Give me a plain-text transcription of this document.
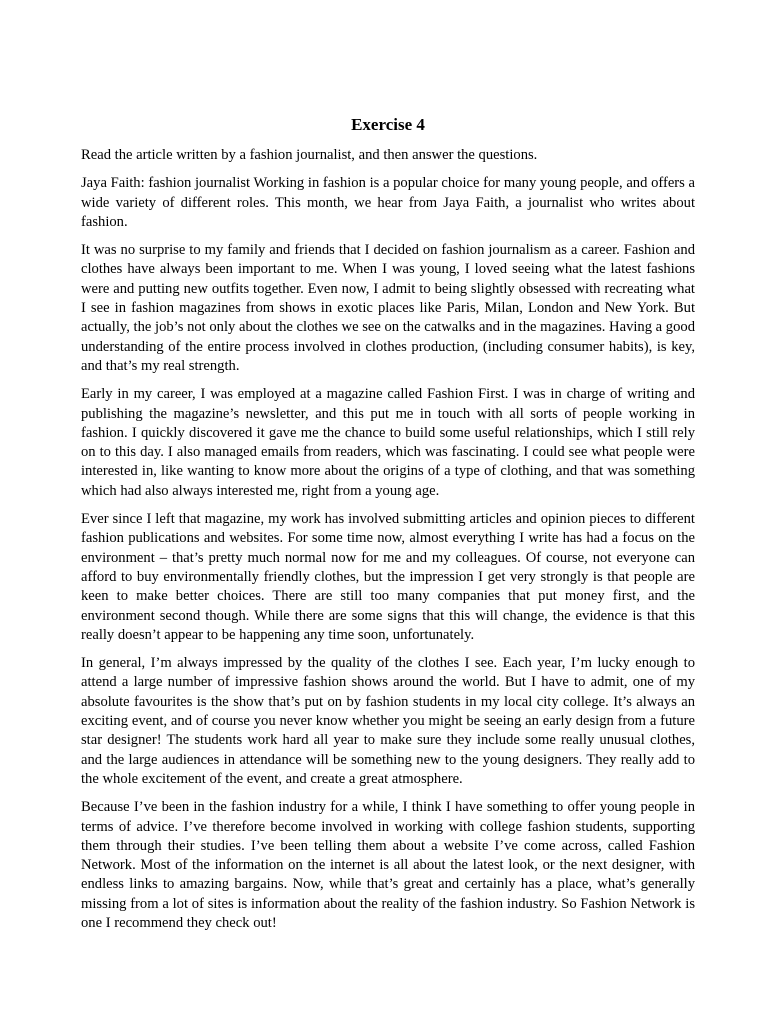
Exercise 4

Read the article written by a fashion journalist, and then answer the questions.

Jaya Faith: fashion journalist Working in fashion is a popular choice for many young people, and offers a wide variety of different roles. This month, we hear from Jaya Faith, a journalist who writes about fashion.

It was no surprise to my family and friends that I decided on fashion journalism as a career. Fashion and clothes have always been important to me. When I was young, I loved seeing what the latest fashions were and putting new outfits together. Even now, I admit to being slightly obsessed with recreating what I see in fashion magazines from shows in exotic places like Paris, Milan, London and New York. But actually, the job’s not only about the clothes we see on the catwalks and in the magazines. Having a good understanding of the entire process involved in clothes production, (including consumer habits), is key, and that’s my real strength.

Early in my career, I was employed at a magazine called Fashion First. I was in charge of writing and publishing the magazine’s newsletter, and this put me in touch with all sorts of people working in fashion. I quickly discovered it gave me the chance to build some useful relationships, which I still rely on to this day. I also managed emails from readers, which was fascinating. I could see what people were interested in, like wanting to know more about the origins of a type of clothing, and that was something which had also always interested me, right from a young age.

Ever since I left that magazine, my work has involved submitting articles and opinion pieces to different fashion publications and websites. For some time now, almost everything I write has had a focus on the environment – that’s pretty much normal now for me and my colleagues. Of course, not everyone can afford to buy environmentally friendly clothes, but the impression I get very strongly is that people are keen to make better choices. There are still too many companies that put money first, and the environment second though. While there are some signs that this will change, the evidence is that this really doesn’t appear to be happening any time soon, unfortunately.

In general, I’m always impressed by the quality of the clothes I see. Each year, I’m lucky enough to attend a large number of impressive fashion shows around the world. But I have to admit, one of my absolute favourites is the show that’s put on by fashion students in my local city college. It’s always an exciting event, and of course you never know whether you might be seeing an early design from a future star designer! The students work hard all year to make sure they include some really unusual clothes, and the large audiences in attendance will be something new to the young designers. They really add to the whole excitement of the event, and create a great atmosphere.

Because I’ve been in the fashion industry for a while, I think I have something to offer young people in terms of advice. I’ve therefore become involved in working with college fashion students, supporting them through their studies. I’ve been telling them about a website I’ve come across, called Fashion Network. Most of the information on the internet is all about the latest look, or the next designer, with endless links to amazing bargains. Now, while that’s great and certainly has a place, what’s generally missing from a lot of sites is information about the reality of the fashion industry. So Fashion Network is one I recommend they check out!
